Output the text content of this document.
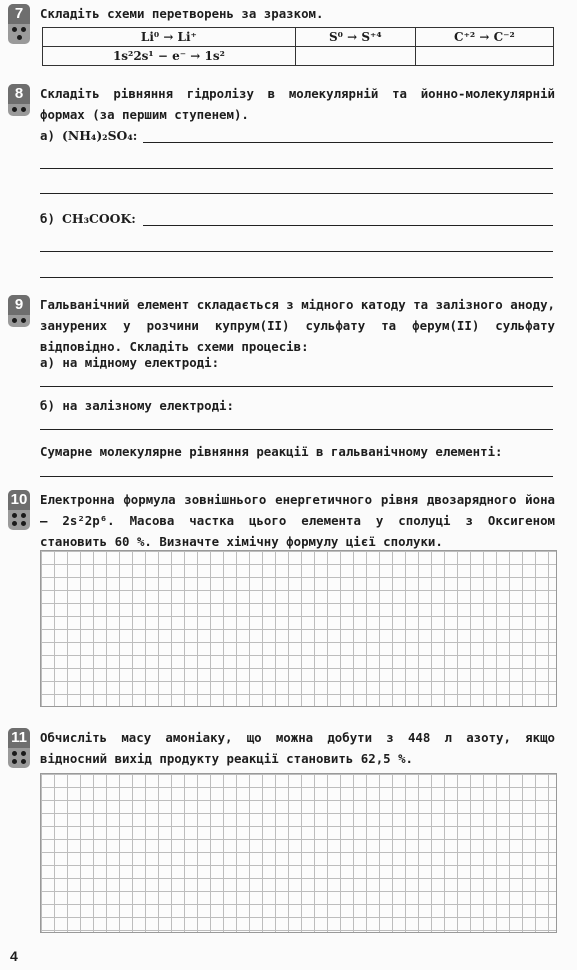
7	Складіть схеми перетворень за зразком.
Li⁰ → Li⁺	S⁰ → S⁺⁴	C⁺² → C⁻²
1s²2s¹ − e⁻ → 1s²		
8	Складіть рівняння гідролізу в молекулярній та йонно-молекулярній формах (за першим ступенем).
а) (NH₄)₂SO₄:
б) CH₃COOK:
9	Гальванічний елемент складається з мідного катоду та залізного аноду, занурених у розчини купрум(II) сульфату та ферум(II) сульфату відповідно. Складіть схеми процесів:
а) на мідному електроді:
б) на залізному електроді:
Сумарне молекулярне рівняння реакції в гальванічному елементі:
10 Електронна формула зовнішнього енергетичного рівня двозарядного йона — 2s²2p⁶. Масова частка цього елемента у сполуці з Оксигеном становить 60 %. Визначте хімічну формулу цієї сполуки.
11 Обчисліть масу амоніаку, що можна добути з 448 л азоту, якщо відносний вихід продукту реакції становить 62,5 %.
4
